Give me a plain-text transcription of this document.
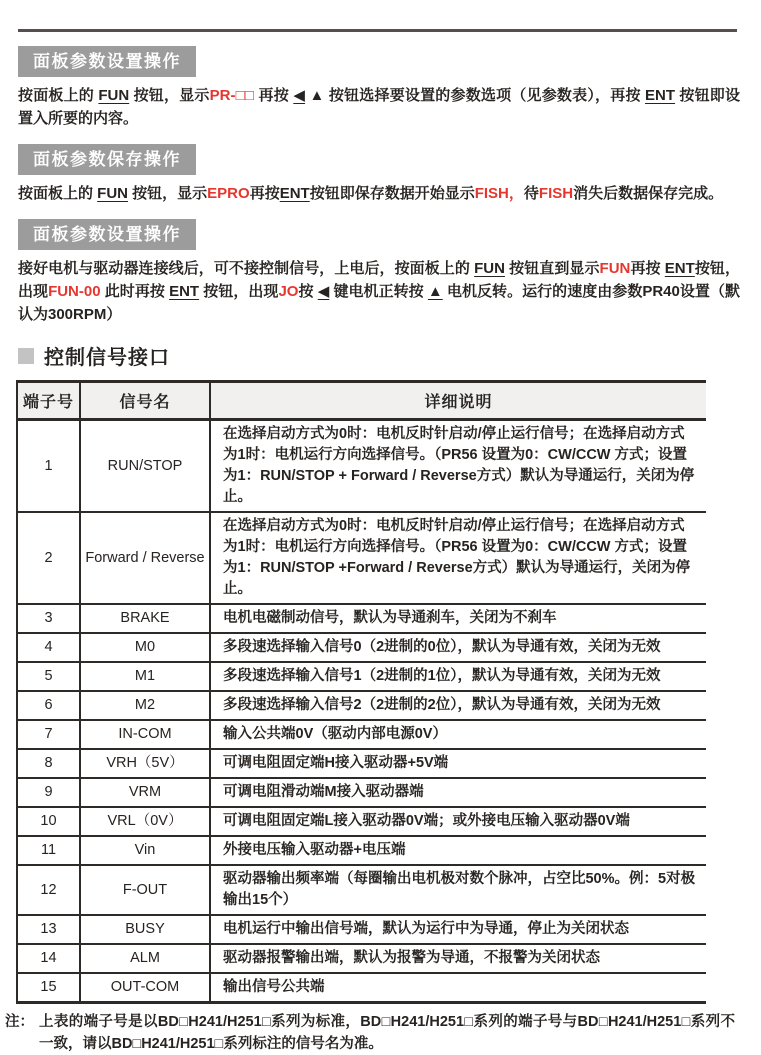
面板参数设置操作

按面板上的 FUN 按钮，显示PR-□□ 再按 ◀ ▲ 按钮选择要设置的参数选项（见参数表），再按 ENT 按钮即设置入所要的内容。

面板参数保存操作

按面板上的 FUN 按钮，显示EPRO再按ENT按钮即保存数据开始显示FISH，待FISH消失后数据保存完成。

面板参数设置操作

接好电机与驱动器连接线后，可不接控制信号，上电后，按面板上的 FUN 按钮直到显示FUN再按 ENT按钮，出现FUN-00 此时再按 ENT 按钮，出现JO按 ◀ 键电机正转按 ▲ 电机反转。运行的速度由参数PR40设置（默认为300RPM）

控制信号接口
端子号	信号名	详细说明
1	RUN/STOP	在选择启动方式为0时：电机反时针启动/停止运行信号；在选择启动方式为1时：电机运行方向选择信号。（PR56 设置为0：CW/CCW 方式；设置为1：RUN/STOP + Forward / Reverse方式）默认为导通运行，关闭为停止。
2	Forward / Reverse	在选择启动方式为0时：电机反时针启动/停止运行信号；在选择启动方式为1时：电机运行方向选择信号。（PR56 设置为0：CW/CCW 方式；设置为1：RUN/STOP +Forward / Reverse方式）默认为导通运行，关闭为停止。
3	BRAKE	电机电磁制动信号，默认为导通刹车，关闭为不刹车
4	M0	多段速选择输入信号0（2进制的0位），默认为导通有效，关闭为无效
5	M1	多段速选择输入信号1（2进制的1位），默认为导通有效，关闭为无效
6	M2	多段速选择输入信号2（2进制的2位），默认为导通有效，关闭为无效
7	IN-COM	输入公共端0V（驱动内部电源0V）
8	VRH（5V）	可调电阻固定端H接入驱动器+5V端
9	VRM	可调电阻滑动端M接入驱动器端
10	VRL（0V）	可调电阻固定端L接入驱动器0V端；或外接电压输入驱动器0V端
11	Vin	外接电压输入驱动器+电压端
12	F-OUT	驱动器输出频率端（每圈输出电机极对数个脉冲，占空比50%。例：5对极输出15个）
13	BUSY	电机运行中输出信号端，默认为运行中为导通，停止为关闭状态
14	ALM	驱动器报警输出端，默认为报警为导通，不报警为关闭状态
15	OUT-COM	输出信号公共端
注： 上表的端子号是以BD□H241/H251□系列为标准，BD□H241/H251□系列的端子号与BD□H241/H251□系列不一致，请以BD□H241/H251□系列标注的信号名为准。
